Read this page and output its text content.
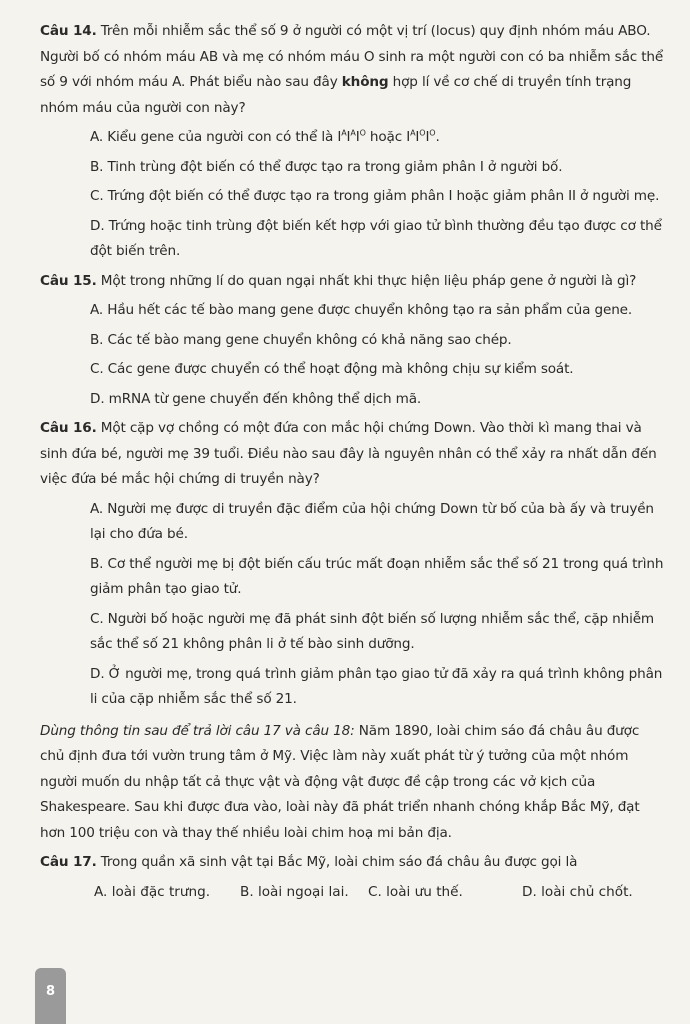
Câu 14. Trên mỗi nhiễm sắc thể số 9 ở người có một vị trí (locus) quy định nhóm máu ABO. Người bố có nhóm máu AB và mẹ có nhóm máu O sinh ra một người con có ba nhiễm sắc thể số 9 với nhóm máu A. Phát biểu nào sau đây không hợp lí về cơ chế di truyền tính trạng nhóm máu của người con này?

A. Kiểu gene của người con có thể là $I^AI^AI^O$ hoặc $I^AI^OI^O$.

B. Tinh trùng đột biến có thể được tạo ra trong giảm phân I ở người bố.

C. Trứng đột biến có thể được tạo ra trong giảm phân I hoặc giảm phân II ở người mẹ.

D. Trứng hoặc tinh trùng đột biến kết hợp với giao tử bình thường đều tạo được cơ thể đột biến trên.

Câu 15. Một trong những lí do quan ngại nhất khi thực hiện liệu pháp gene ở người là gì?

A. Hầu hết các tế bào mang gene được chuyển không tạo ra sản phẩm của gene.

B. Các tế bào mang gene chuyển không có khả năng sao chép.

C. Các gene được chuyển có thể hoạt động mà không chịu sự kiểm soát.

D. mRNA từ gene chuyển đến không thể dịch mã.

Câu 16. Một cặp vợ chồng có một đứa con mắc hội chứng Down. Vào thời kì mang thai và sinh đứa bé, người mẹ 39 tuổi. Điều nào sau đây là nguyên nhân có thể xảy ra nhất dẫn đến việc đứa bé mắc hội chứng di truyền này?

A. Người mẹ được di truyền đặc điểm của hội chứng Down từ bố của bà ấy và truyền lại cho đứa bé.

B. Cơ thể người mẹ bị đột biến cấu trúc mất đoạn nhiễm sắc thể số 21 trong quá trình giảm phân tạo giao tử.

C. Người bố hoặc người mẹ đã phát sinh đột biến số lượng nhiễm sắc thể, cặp nhiễm sắc thể số 21 không phân li ở tế bào sinh dưỡng.

D. Ở người mẹ, trong quá trình giảm phân tạo giao tử đã xảy ra quá trình không phân li của cặp nhiễm sắc thể số 21.

Dùng thông tin sau để trả lời câu 17 và câu 18: Năm 1890, loài chim sáo đá châu âu được chủ định đưa tới vườn trung tâm ở Mỹ. Việc làm này xuất phát từ ý tưởng của một nhóm người muốn du nhập tất cả thực vật và động vật được đề cập trong các vở kịch của Shakespeare. Sau khi được đưa vào, loài này đã phát triển nhanh chóng khắp Bắc Mỹ, đạt hơn 100 triệu con và thay thế nhiều loài chim hoạ mi bản địa.

Câu 17. Trong quần xã sinh vật tại Bắc Mỹ, loài chim sáo đá châu âu được gọi là

A. loài đặc trưng.	B. loài ngoại lai.	C. loài ưu thế.	D. loài chủ chốt.
8
